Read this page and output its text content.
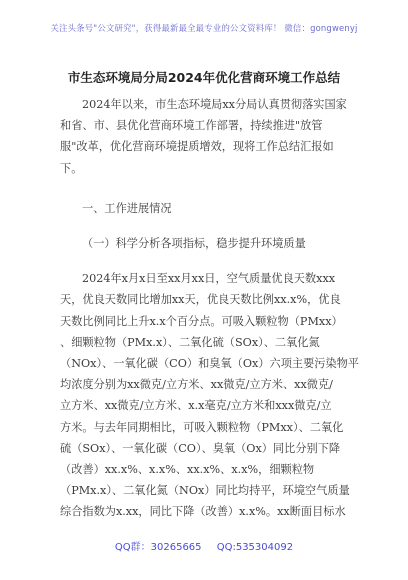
关注头条号"公文研究"，获得最新最全最专业的公文资料库！ 微信：gongwenyj
市生态环境局分局2024年优化营商环境工作总结
2024年以来，市生态环境局xx分局认真贯彻落实国家
和省、市、县优化营商环境工作部署，持续推进"放管
服"改革，优化营商环境提质增效，现将工作总结汇报如
下。
一、工作进展情况
（一）科学分析各项指标，稳步提升环境质量
2024年x月x日至xx月xx日，空气质量优良天数xxx
天，优良天数同比增加xx天，优良天数比例xx.x%，优良
天数比例同比上升x.x个百分点。可吸入颗粒物（PMxx）
、细颗粒物（PMx.x）、二氧化硫（SOx）、二氧化氮
（NOx）、一氧化碳（CO）和臭氧（Ox）六项主要污染物平
均浓度分别为xx微克/立方米、xx微克/立方米、xx微克/
立方米、xx微克/立方米、x.x毫克/立方米和xxx微克/立
方米。与去年同期相比，可吸入颗粒物（PMxx）、二氧化
硫（SOx）、一氧化碳（CO）、臭氧（Ox）同比分别下降
（改善）xx.x%、x.x%、xx.x%、x.x%，细颗粒物
（PMx.x）、二氧化氮（NOx）同比均持平，环境空气质量
综合指数为x.xx，同比下降（改善）x.x%。xx断面目标水
QQ群：30265665 QQ:535304092
